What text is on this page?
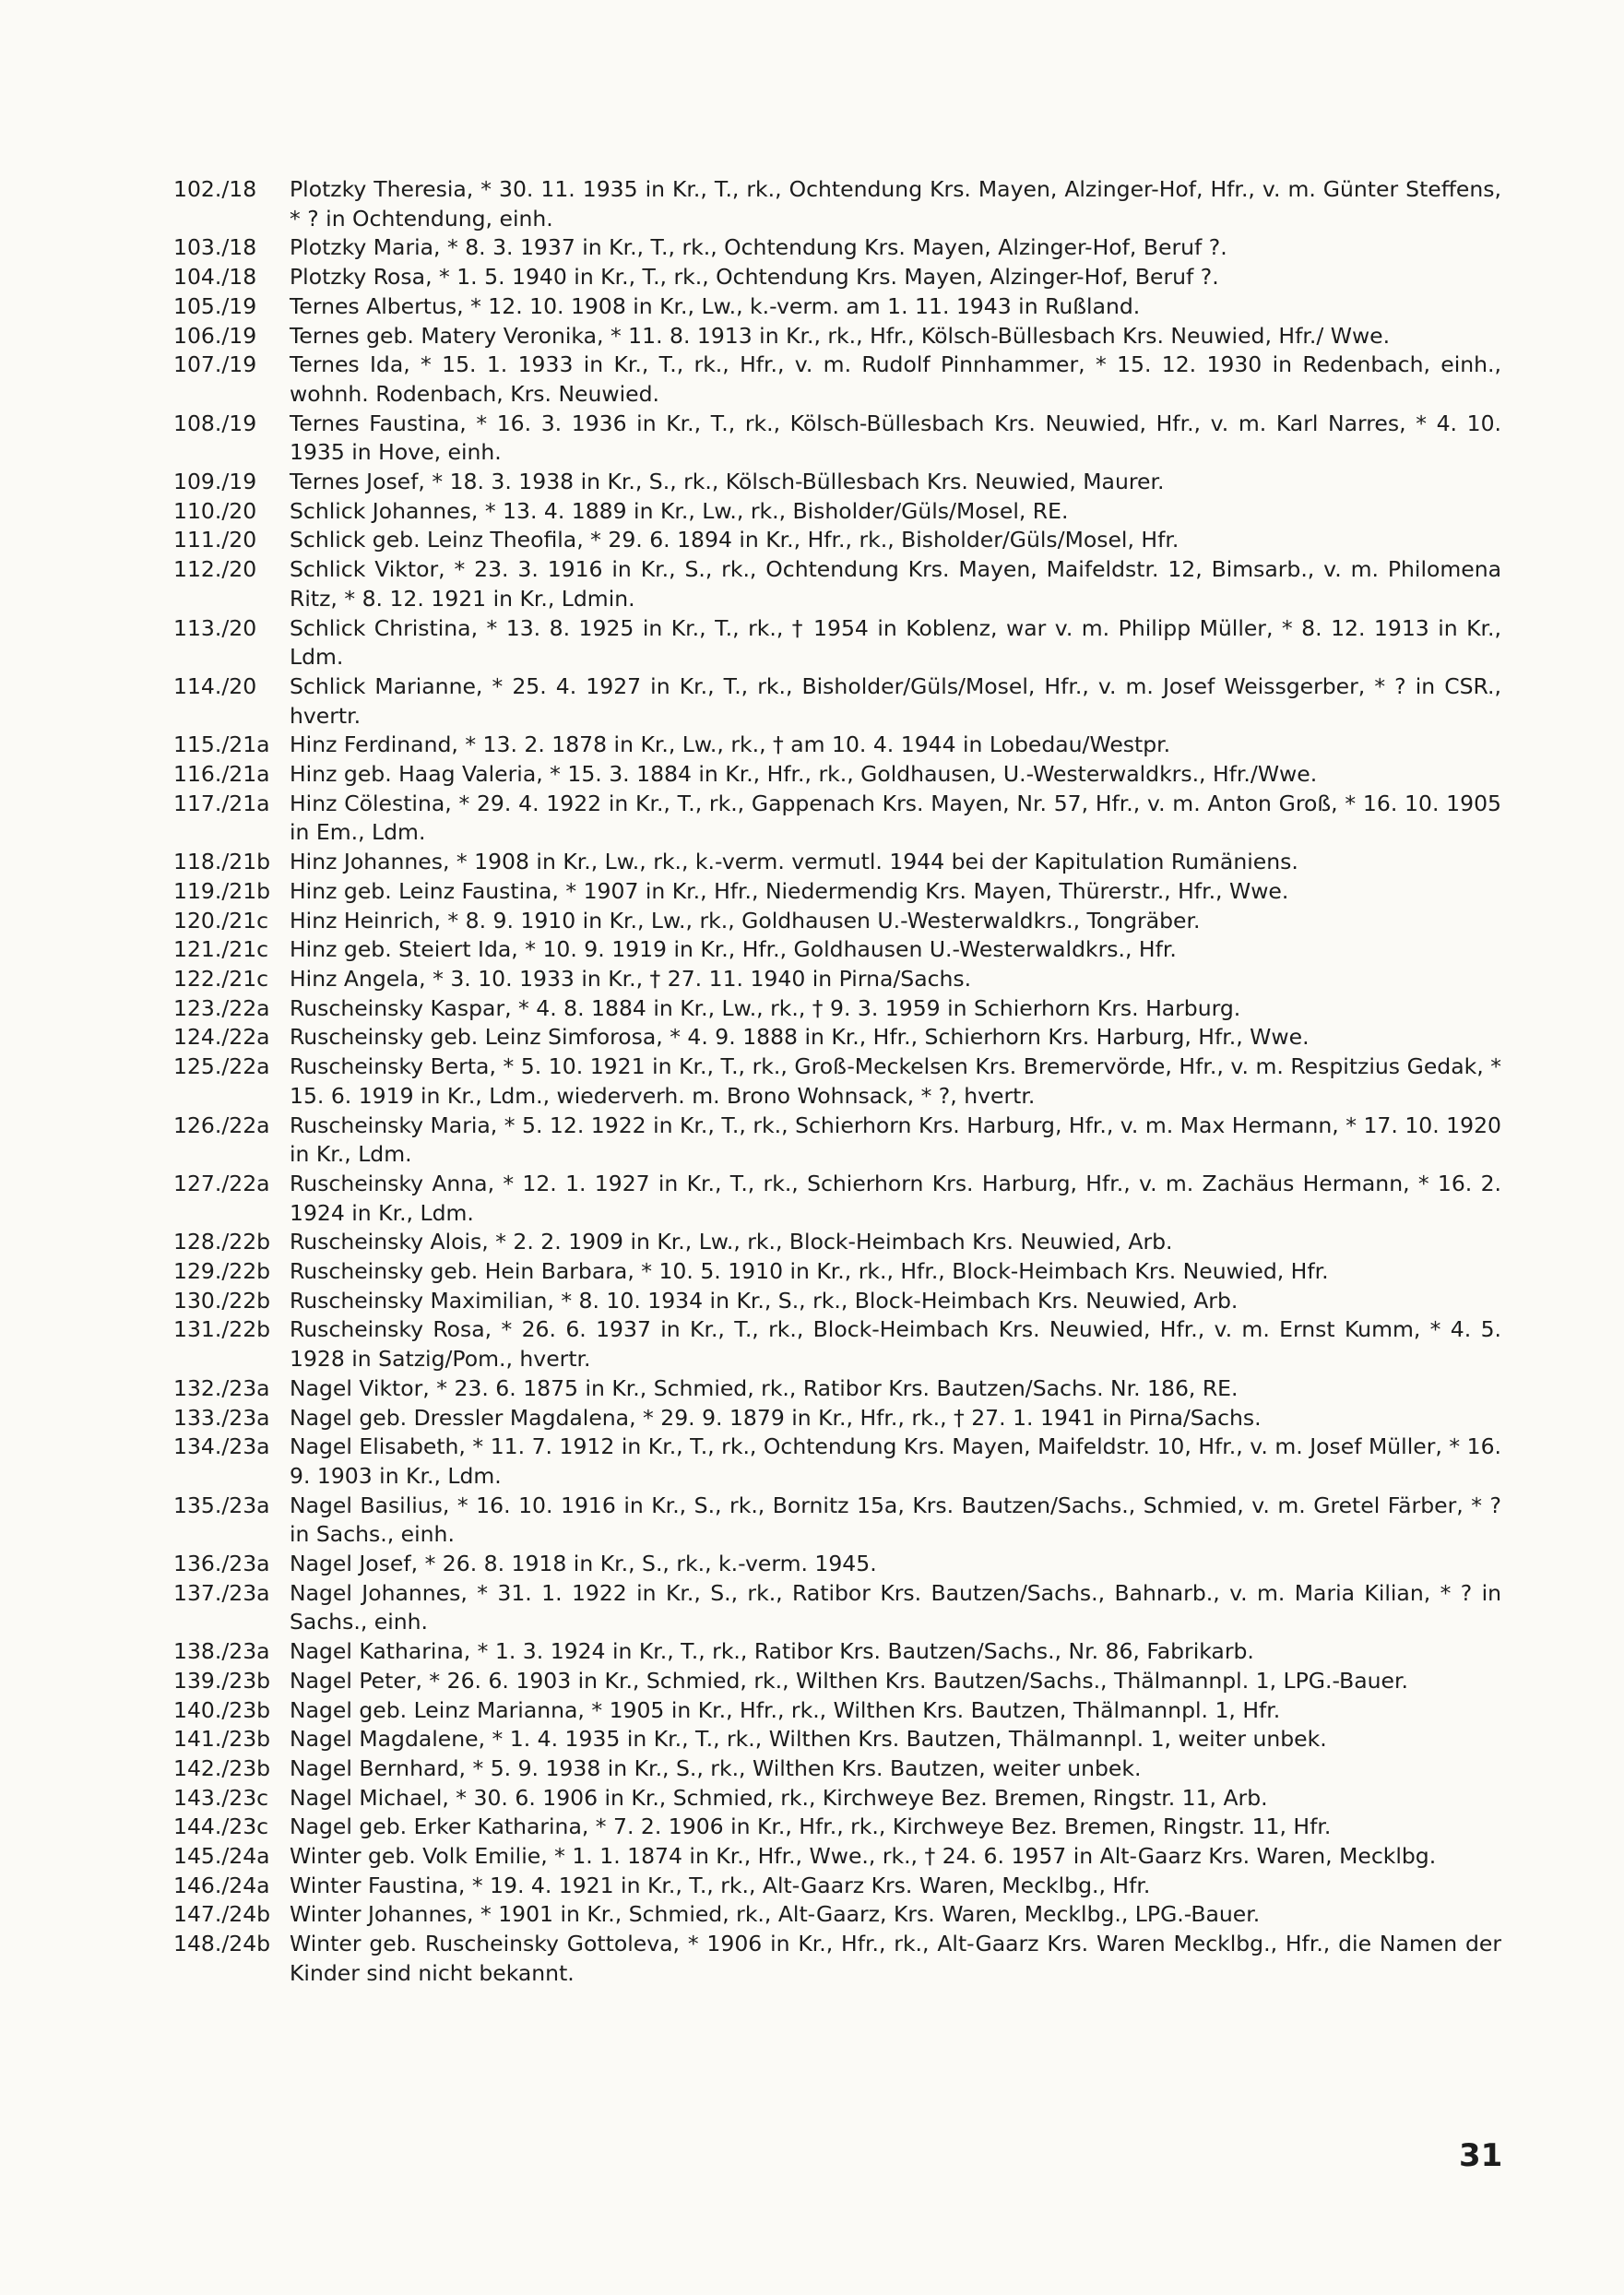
102./18	Plotzky Theresia, * 30. 11. 1935 in Kr., T., rk., Ochtendung Krs. Mayen, Alzinger-Hof, Hfr., v. m. Günter Steffens, * ? in Ochtendung, einh.
103./18	Plotzky Maria, * 8. 3. 1937 in Kr., T., rk., Ochtendung Krs. Mayen, Alzinger-Hof, Beruf ?.
104./18	Plotzky Rosa, * 1. 5. 1940 in Kr., T., rk., Ochtendung Krs. Mayen, Alzinger-Hof, Beruf ?.
105./19	Ternes Albertus, * 12. 10. 1908 in Kr., Lw., k.-verm. am 1. 11. 1943 in Rußland.
106./19	Ternes geb. Matery Veronika, * 11. 8. 1913 in Kr., rk., Hfr., Kölsch-Büllesbach Krs. Neuwied, Hfr./ Wwe.
107./19	Ternes Ida, * 15. 1. 1933 in Kr., T., rk., Hfr., v. m. Rudolf Pinnhammer, * 15. 12. 1930 in Redenbach, einh., wohnh. Rodenbach, Krs. Neuwied.
108./19	Ternes Faustina, * 16. 3. 1936 in Kr., T., rk., Kölsch-Büllesbach Krs. Neuwied, Hfr., v. m. Karl Narres, * 4. 10. 1935 in Hove, einh.
109./19	Ternes Josef, * 18. 3. 1938 in Kr., S., rk., Kölsch-Büllesbach Krs. Neuwied, Maurer.
110./20	Schlick Johannes, * 13. 4. 1889 in Kr., Lw., rk., Bisholder/Güls/Mosel, RE.
111./20	Schlick geb. Leinz Theofila, * 29. 6. 1894 in Kr., Hfr., rk., Bisholder/Güls/Mosel, Hfr.
112./20	Schlick Viktor, * 23. 3. 1916 in Kr., S., rk., Ochtendung Krs. Mayen, Maifeldstr. 12, Bimsarb., v. m. Philomena Ritz, * 8. 12. 1921 in Kr., Ldmin.
113./20	Schlick Christina, * 13. 8. 1925 in Kr., T., rk., † 1954 in Koblenz, war v. m. Philipp Müller, * 8. 12. 1913 in Kr., Ldm.
114./20	Schlick Marianne, * 25. 4. 1927 in Kr., T., rk., Bisholder/Güls/Mosel, Hfr., v. m. Josef Weissgerber, * ? in CSR., hvertr.
115./21a Hinz Ferdinand, * 13. 2. 1878 in Kr., Lw., rk., † am 10. 4. 1944 in Lobedau/Westpr.
116./21a Hinz geb. Haag Valeria, * 15. 3. 1884 in Kr., Hfr., rk., Goldhausen, U.-Westerwaldkrs., Hfr./Wwe.
117./21a Hinz Cölestina, * 29. 4. 1922 in Kr., T., rk., Gappenach Krs. Mayen, Nr. 57, Hfr., v. m. Anton Groß, * 16. 10. 1905 in Em., Ldm.
118./21b Hinz Johannes, * 1908 in Kr., Lw., rk., k.-verm. vermutl. 1944 bei der Kapitulation Rumäniens.
119./21b Hinz geb. Leinz Faustina, * 1907 in Kr., Hfr., Niedermendig Krs. Mayen, Thürerstr., Hfr., Wwe.
120./21c Hinz Heinrich, * 8. 9. 1910 in Kr., Lw., rk., Goldhausen U.-Westerwaldkrs., Tongräber.
121./21c Hinz geb. Steiert Ida, * 10. 9. 1919 in Kr., Hfr., Goldhausen U.-Westerwaldkrs., Hfr.
122./21c Hinz Angela, * 3. 10. 1933 in Kr., † 27. 11. 1940 in Pirna/Sachs.
123./22a Ruscheinsky Kaspar, * 4. 8. 1884 in Kr., Lw., rk., † 9. 3. 1959 in Schierhorn Krs. Harburg.
124./22a Ruscheinsky geb. Leinz Simforosa, * 4. 9. 1888 in Kr., Hfr., Schierhorn Krs. Harburg, Hfr., Wwe.
125./22a Ruscheinsky Berta, * 5. 10. 1921 in Kr., T., rk., Groß-Meckelsen Krs. Bremervörde, Hfr., v. m. Respitzius Gedak, * 15. 6. 1919 in Kr., Ldm., wiederverh. m. Brono Wohnsack, * ?, hvertr.
126./22a Ruscheinsky Maria, * 5. 12. 1922 in Kr., T., rk., Schierhorn Krs. Harburg, Hfr., v. m. Max Hermann, * 17. 10. 1920 in Kr., Ldm.
127./22a Ruscheinsky Anna, * 12. 1. 1927 in Kr., T., rk., Schierhorn Krs. Harburg, Hfr., v. m. Zachäus Hermann, * 16. 2. 1924 in Kr., Ldm.
128./22b Ruscheinsky Alois, * 2. 2. 1909 in Kr., Lw., rk., Block-Heimbach Krs. Neuwied, Arb.
129./22b Ruscheinsky geb. Hein Barbara, * 10. 5. 1910 in Kr., rk., Hfr., Block-Heimbach Krs. Neuwied, Hfr.
130./22b Ruscheinsky Maximilian, * 8. 10. 1934 in Kr., S., rk., Block-Heimbach Krs. Neuwied, Arb.
131./22b Ruscheinsky Rosa, * 26. 6. 1937 in Kr., T., rk., Block-Heimbach Krs. Neuwied, Hfr., v. m. Ernst Kumm, * 4. 5. 1928 in Satzig/Pom., hvertr.
132./23a Nagel Viktor, * 23. 6. 1875 in Kr., Schmied, rk., Ratibor Krs. Bautzen/Sachs. Nr. 186, RE.
133./23a Nagel geb. Dressler Magdalena, * 29. 9. 1879 in Kr., Hfr., rk., † 27. 1. 1941 in Pirna/Sachs.
134./23a Nagel Elisabeth, * 11. 7. 1912 in Kr., T., rk., Ochtendung Krs. Mayen, Maifeldstr. 10, Hfr., v. m. Josef Müller, * 16. 9. 1903 in Kr., Ldm.
135./23a Nagel Basilius, * 16. 10. 1916 in Kr., S., rk., Bornitz 15a, Krs. Bautzen/Sachs., Schmied, v. m. Gretel Färber, * ? in Sachs., einh.
136./23a Nagel Josef, * 26. 8. 1918 in Kr., S., rk., k.-verm. 1945.
137./23a Nagel Johannes, * 31. 1. 1922 in Kr., S., rk., Ratibor Krs. Bautzen/Sachs., Bahnarb., v. m. Maria Kilian, * ? in Sachs., einh.
138./23a Nagel Katharina, * 1. 3. 1924 in Kr., T., rk., Ratibor Krs. Bautzen/Sachs., Nr. 86, Fabrikarb.
139./23b Nagel Peter, * 26. 6. 1903 in Kr., Schmied, rk., Wilthen Krs. Bautzen/Sachs., Thälmannpl. 1, LPG.-Bauer.
140./23b Nagel geb. Leinz Marianna, * 1905 in Kr., Hfr., rk., Wilthen Krs. Bautzen, Thälmannpl. 1, Hfr.
141./23b Nagel Magdalene, * 1. 4. 1935 in Kr., T., rk., Wilthen Krs. Bautzen, Thälmannpl. 1, weiter unbek.
142./23b Nagel Bernhard, * 5. 9. 1938 in Kr., S., rk., Wilthen Krs. Bautzen, weiter unbek.
143./23c Nagel Michael, * 30. 6. 1906 in Kr., Schmied, rk., Kirchweye Bez. Bremen, Ringstr. 11, Arb.
144./23c Nagel geb. Erker Katharina, * 7. 2. 1906 in Kr., Hfr., rk., Kirchweye Bez. Bremen, Ringstr. 11, Hfr.
145./24a Winter geb. Volk Emilie, * 1. 1. 1874 in Kr., Hfr., Wwe., rk., † 24. 6. 1957 in Alt-Gaarz Krs. Waren, Mecklbg.
146./24a Winter Faustina, * 19. 4. 1921 in Kr., T., rk., Alt-Gaarz Krs. Waren, Mecklbg., Hfr.
147./24b Winter Johannes, * 1901 in Kr., Schmied, rk., Alt-Gaarz, Krs. Waren, Mecklbg., LPG.-Bauer.
148./24b Winter geb. Ruscheinsky Gottoleva, * 1906 in Kr., Hfr., rk., Alt-Gaarz Krs. Waren Mecklbg., Hfr., die Namen der Kinder sind nicht bekannt.
31
